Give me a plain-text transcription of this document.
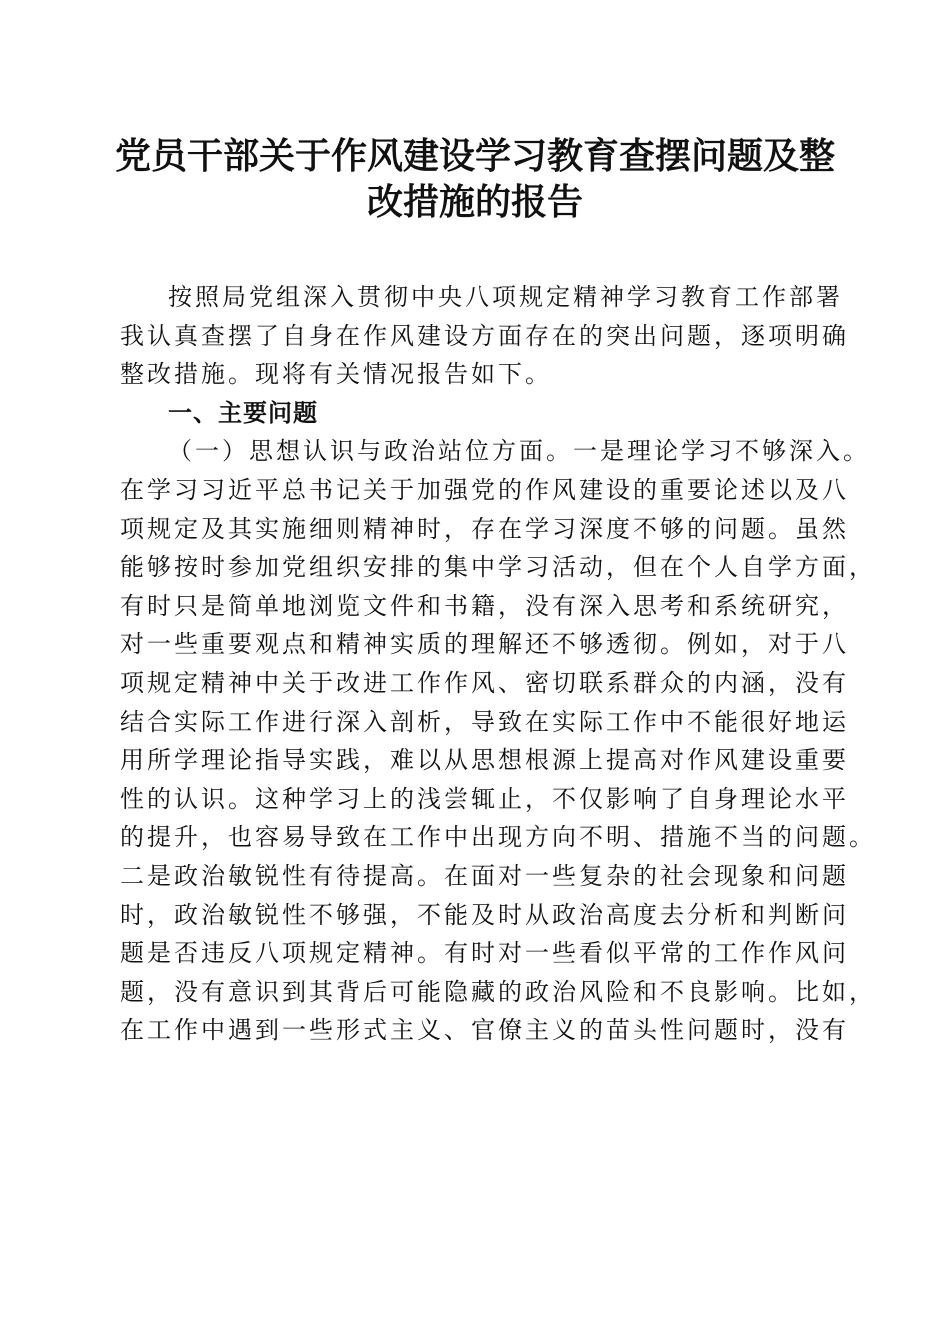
党员干部关于作风建设学习教育查摆问题及整
改措施的报告
按照局党组深入贯彻中央八项规定精神学习教育工作部署
我认真查摆了自身在作风建设方面存在的突出问题，逐项明确
整改措施。现将有关情况报告如下。
一、主要问题
（一）思想认识与政治站位方面。一是理论学习不够深入。
在学习习近平总书记关于加强党的作风建设的重要论述以及八
项规定及其实施细则精神时，存在学习深度不够的问题。虽然
能够按时参加党组织安排的集中学习活动，但在个人自学方面，
有时只是简单地浏览文件和书籍，没有深入思考和系统研究，
对一些重要观点和精神实质的理解还不够透彻。例如，对于八
项规定精神中关于改进工作作风、密切联系群众的内涵，没有
结合实际工作进行深入剖析，导致在实际工作中不能很好地运
用所学理论指导实践，难以从思想根源上提高对作风建设重要
性的认识。这种学习上的浅尝辄止，不仅影响了自身理论水平
的提升，也容易导致在工作中出现方向不明、措施不当的问题。
二是政治敏锐性有待提高。在面对一些复杂的社会现象和问题
时，政治敏锐性不够强，不能及时从政治高度去分析和判断问
题是否违反八项规定精神。有时对一些看似平常的工作作风问
题，没有意识到其背后可能隐藏的政治风险和不良影响。比如，
在工作中遇到一些形式主义、官僚主义的苗头性问题时，没有
